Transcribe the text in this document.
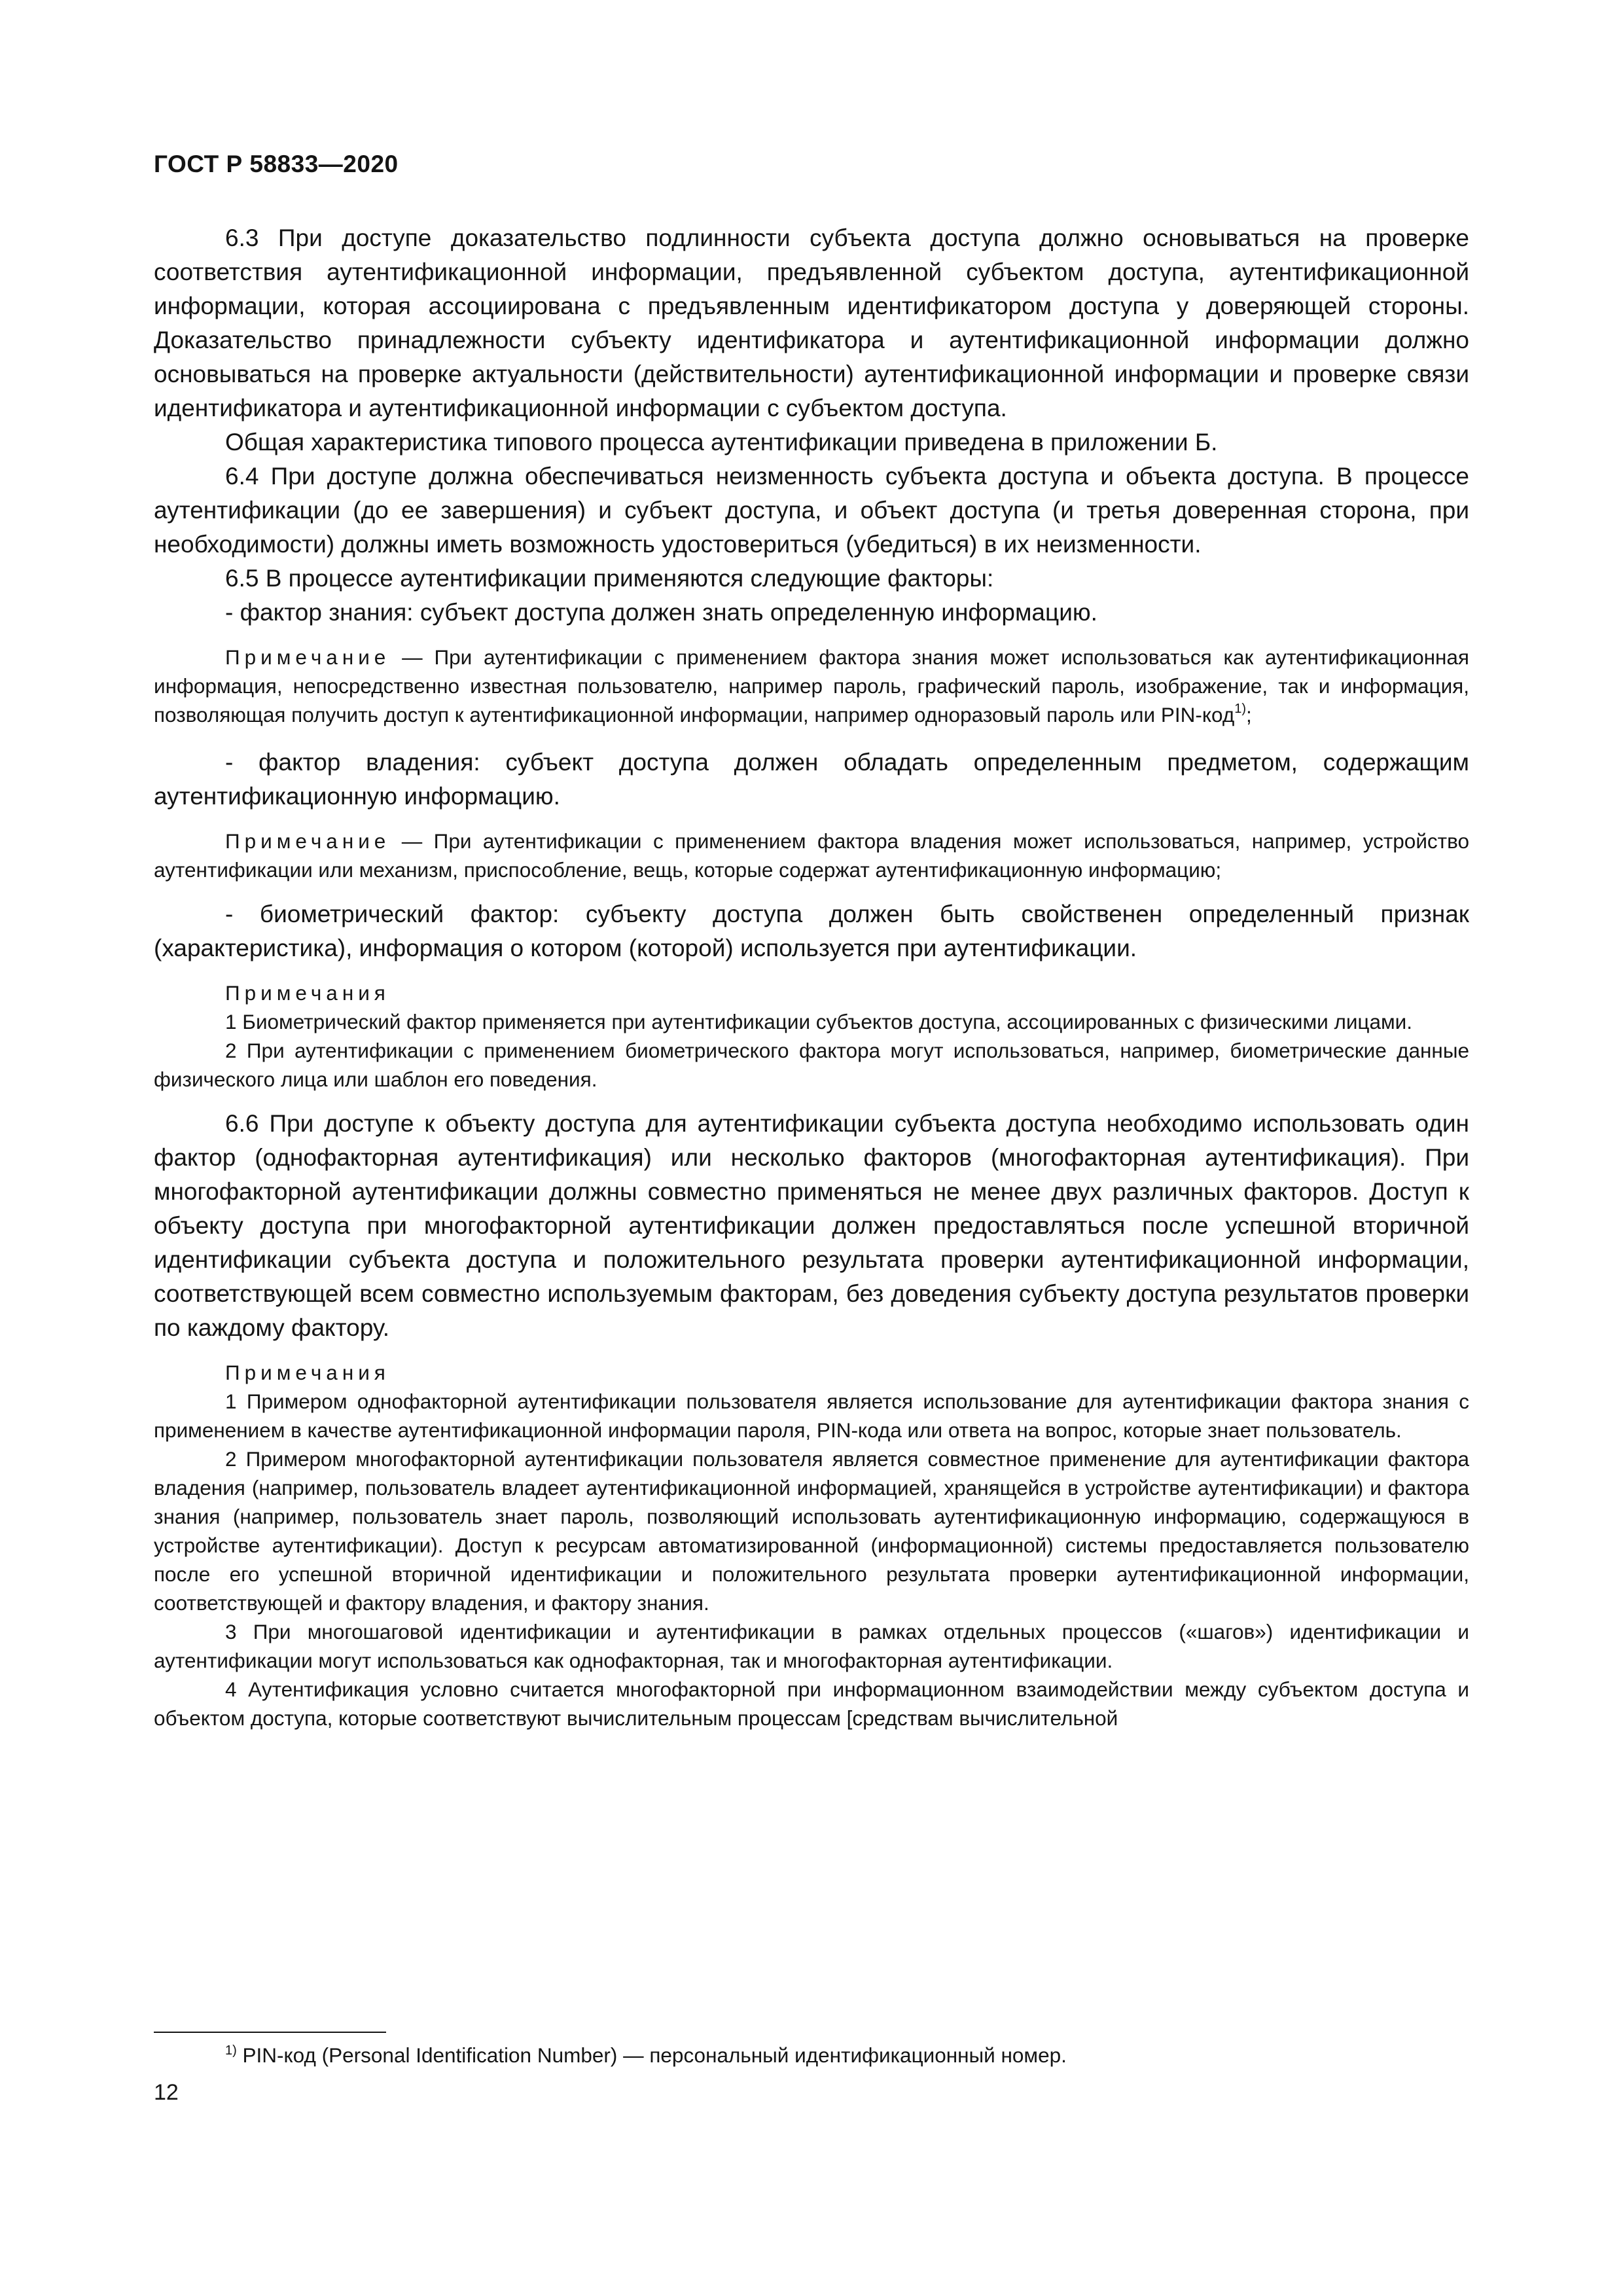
ГОСТ Р 58833—2020

6.3 При доступе доказательство подлинности субъекта доступа должно основываться на проверке соответствия аутентификационной информации, предъявленной субъектом доступа, аутентификационной информации, которая ассоциирована с предъявленным идентификатором доступа у доверяющей стороны. Доказательство принадлежности субъекту идентификатора и аутентификационной информации должно основываться на проверке актуальности (действительности) аутентификационной информации и проверке связи идентификатора и аутентификационной информации с субъектом доступа.

Общая характеристика типового процесса аутентификации приведена в приложении Б.

6.4 При доступе должна обеспечиваться неизменность субъекта доступа и объекта доступа. В процессе аутентификации (до ее завершения) и субъект доступа, и объект доступа (и третья доверенная сторона, при необходимости) должны иметь возможность удостовериться (убедиться) в их неизменности.

6.5 В процессе аутентификации применяются следующие факторы:

- фактор знания: субъект доступа должен знать определенную информацию.

Примечание — При аутентификации с применением фактора знания может использоваться как аутентификационная информация, непосредственно известная пользователю, например пароль, графический пароль, изображение, так и информация, позволяющая получить доступ к аутентификационной информации, например одноразовый пароль или PIN-код$^{1)}$;

- фактор владения: субъект доступа должен обладать определенным предметом, содержащим аутентификационную информацию.

Примечание — При аутентификации с применением фактора владения может использоваться, например, устройство аутентификации или механизм, приспособление, вещь, которые содержат аутентификационную информацию;

- биометрический фактор: субъекту доступа должен быть свойственен определенный признак (характеристика), информация о котором (которой) используется при аутентификации.

Примечания

1 Биометрический фактор применяется при аутентификации субъектов доступа, ассоциированных с физическими лицами.

2 При аутентификации с применением биометрического фактора могут использоваться, например, биометрические данные физического лица или шаблон его поведения.

6.6 При доступе к объекту доступа для аутентификации субъекта доступа необходимо использовать один фактор (однофакторная аутентификация) или несколько факторов (многофакторная аутентификация). При многофакторной аутентификации должны совместно применяться не менее двух различных факторов. Доступ к объекту доступа при многофакторной аутентификации должен предоставляться после успешной вторичной идентификации субъекта доступа и положительного результата проверки аутентификационной информации, соответствующей всем совместно используемым факторам, без доведения субъекту доступа результатов проверки по каждому фактору.

Примечания

1 Примером однофакторной аутентификации пользователя является использование для аутентификации фактора знания с применением в качестве аутентификационной информации пароля, PIN-кода или ответа на вопрос, которые знает пользователь.

2 Примером многофакторной аутентификации пользователя является совместное применение для аутентификации фактора владения (например, пользователь владеет аутентификационной информацией, хранящейся в устройстве аутентификации) и фактора знания (например, пользователь знает пароль, позволяющий использовать аутентификационную информацию, содержащуюся в устройстве аутентификации). Доступ к ресурсам автоматизированной (информационной) системы предоставляется пользователю после его успешной вторичной идентификации и положительного результата проверки аутентификационной информации, соответствующей и фактору владения, и фактору знания.

3 При многошаговой идентификации и аутентификации в рамках отдельных процессов («шагов») идентификации и аутентификации могут использоваться как однофакторная, так и многофакторная аутентификации.

4 Аутентификация условно считается многофакторной при информационном взаимодействии между субъектом доступа и объектом доступа, которые соответствуют вычислительным процессам [средствам вычислительной

$^{1)}$ PIN-код (Personal Identification Number) — персональный идентификационный номер.
12
